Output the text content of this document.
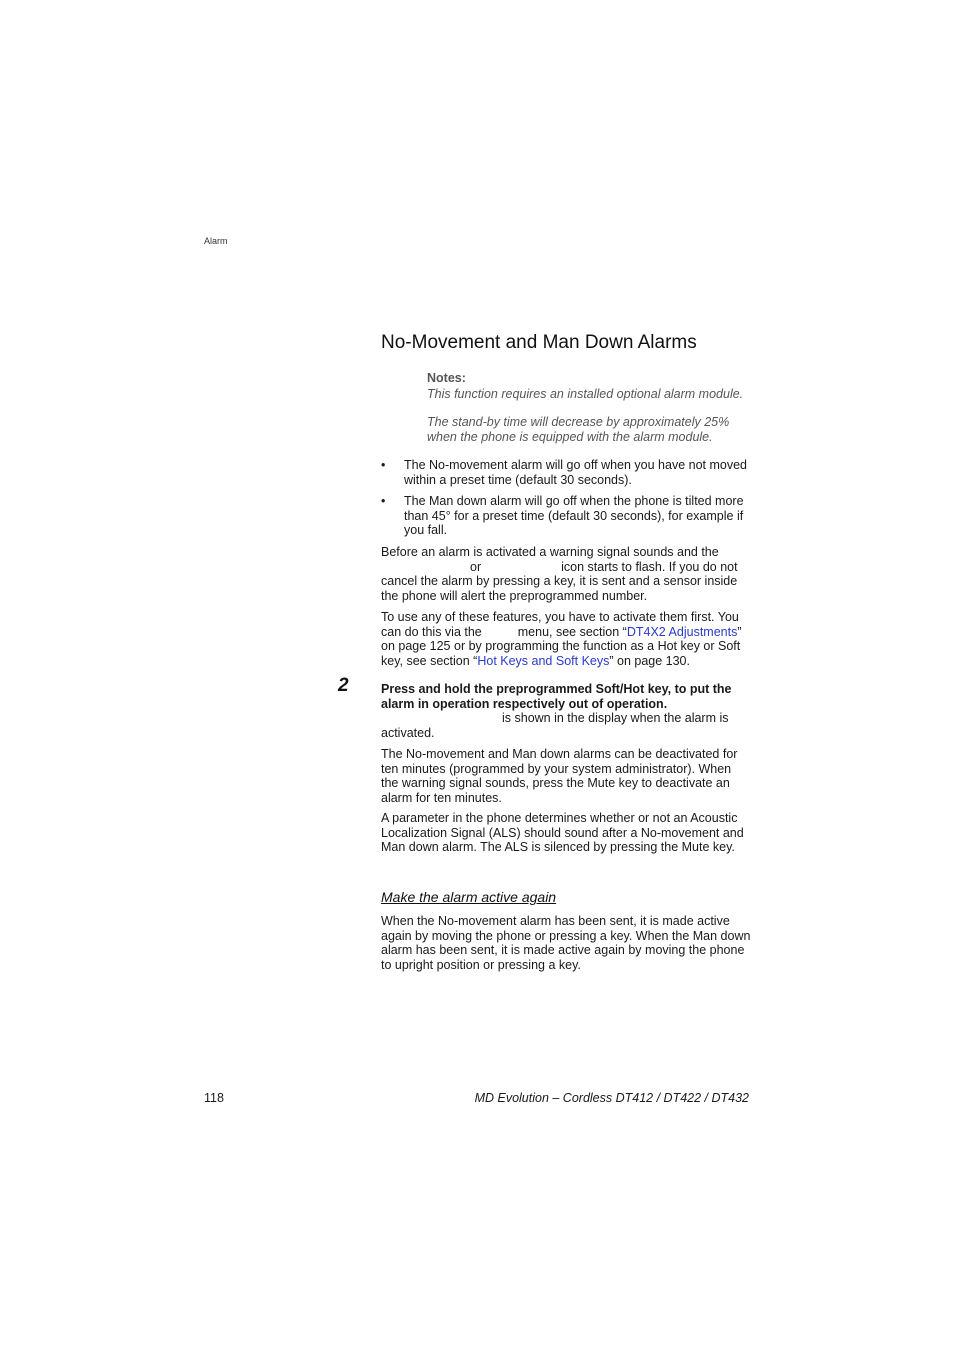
Alarm
No-Movement and Man Down Alarms

Notes:

This function requires an installed optional alarm module.

The stand-by time will decrease by approximately 25% when the phone is equipped with the alarm module.

• The No-movement alarm will go off when you have not moved within a preset time (default 30 seconds).
• The Man down alarm will go off when the phone is tilted more than 45° for a preset time (default 30 seconds), for example if you fall.

Before an alarm is activated a warning signal sounds and the

or	icon starts to flash. If you do not

cancel the alarm by pressing a key, it is sent and a sensor inside the phone will alert the preprogrammed number.

To use any of these features, you have to activate them first. You can do this via the	menu, see section “DT4X2 Adjustments” on page 125 or by programming the function as a Hot key or Soft key, see section “Hot Keys and Soft Keys” on page 130.

2	Press and hold the preprogrammed Soft/Hot key, to put the alarm in operation respectively out of operation.

is shown in the display when the alarm is

activated.

The No-movement and Man down alarms can be deactivated for ten minutes (programmed by your system administrator). When the warning signal sounds, press the Mute key to deactivate an alarm for ten minutes.
A parameter in the phone determines whether or not an Acoustic Localization Signal (ALS) should sound after a No-movement and Man down alarm. The ALS is silenced by pressing the Mute key.
Make the alarm active again
When the No-movement alarm has been sent, it is made active again by moving the phone or pressing a key. When the Man down alarm has been sent, it is made active again by moving the phone to upright position or pressing a key.
118	MD Evolution – Cordless DT412 / DT422 / DT432
